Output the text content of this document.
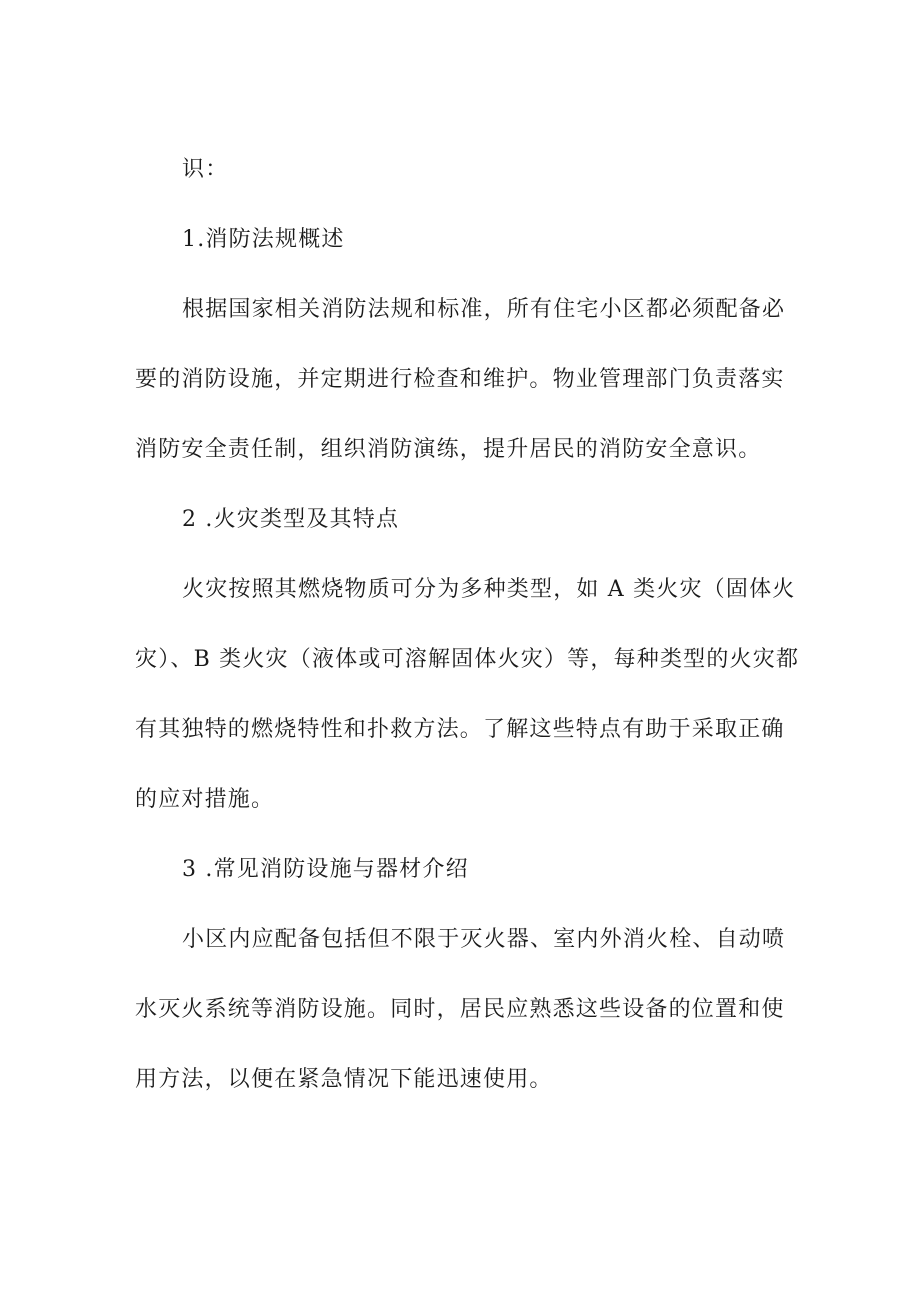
识：
1.消防法规概述
根据国家相关消防法规和标准，所有住宅小区都必须配备必
要的消防设施，并定期进行检查和维护。物业管理部门负责落实
消防安全责任制，组织消防演练，提升居民的消防安全意识。
2 .火灾类型及其特点
火灾按照其燃烧物质可分为多种类型，如 A 类火灾（固体火
灾）、B 类火灾（液体或可溶解固体火灾）等，每种类型的火灾都
有其独特的燃烧特性和扑救方法。了解这些特点有助于采取正确
的应对措施。
3 .常见消防设施与器材介绍
小区内应配备包括但不限于灭火器、室内外消火栓、自动喷
水灭火系统等消防设施。同时，居民应熟悉这些设备的位置和使
用方法，以便在紧急情况下能迅速使用。
